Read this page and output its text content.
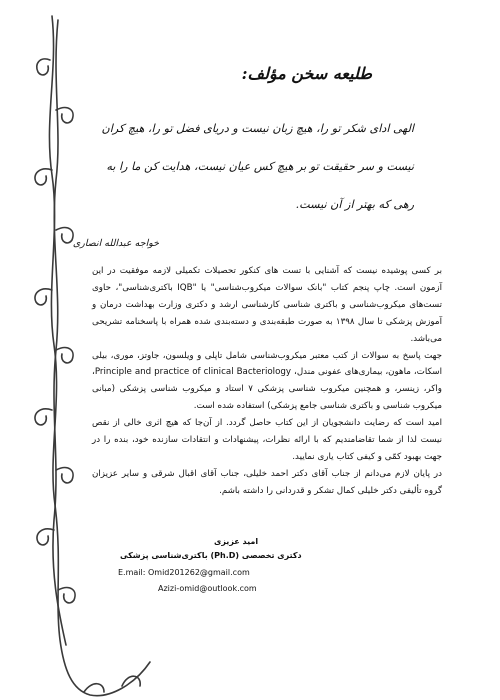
طلیعه سخن مؤلف:
الهی ادای شکر تو را، هیچ زبان نیست و دریای فضل تو را، هیچ کران
نیست و سر حقیقت تو بر هیچ کس عیان نیست، هدایت کن ما را به
رهی که بهتر از آن نیست.
خواجه عبدالله انصاری

بر کسی پوشیده نیست که آشنایی با تست های کنکور تحصیلات تکمیلی لازمه موفقیت در این آزمون است. چاپ پنجم کتاب "بانک سوالات میکروب‌شناسی" یا "IQB باکتری‌شناسی"، حاوی تست‌های میکروب‌شناسی و باکتری شناسی کارشناسی ارشد و دکتری وزارت بهداشت درمان و آموزش پزشکی تا سال ۱۳۹۸ به صورت طبقه‌بندی و دسته‌بندی شده همراه با پاسخنامه تشریحی می‌باشد.

جهت پاسخ به سوالات از کتب معتبر میکروب‌شناسی شامل تاپلی و ویلسون، جاوتز، موری، بیلی اسکات، ماهون، بیماری‌های عفونی مندل، Principle and practice of clinical Bacteriology، واکر، زینسر، و همچنین میکروب شناسی پزشکی ۷ استاد و میکروب شناسی پزشکی (مبانی میکروب شناسی و باکتری شناسی جامع پزشکی) استفاده شده است.

امید است که رضایت دانشجویان از این کتاب حاصل گردد. از آن‌جا که هیچ اثری خالی از نقص نیست لذا از شما تقاضامندیم که با ارائه نظرات، پیشنهادات و انتقادات سازنده خود، بنده را در جهت بهبود کمّی و کیفی کتاب یاری نمایید.

در پایان لازم می‌دانم از جناب آقای دکتر احمد خلیلی، جناب آقای اقبال شرقی و سایر عزیزان گروه تألیفی دکتر خلیلی کمال تشکر و قدردانی را داشته باشم.

امید عزیزی
دکتری تخصصی (Ph.D) باکتری‌شناسی پزشکی
E.mail: Omid201262@gmail.com
Azizi-omid@outlook.com
